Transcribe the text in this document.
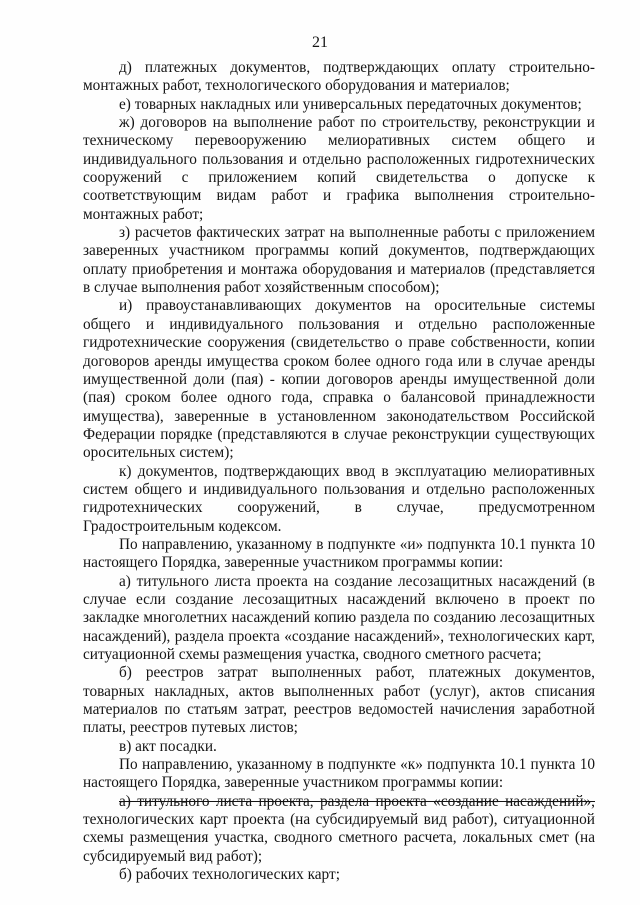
21

д) платежных документов, подтверждающих оплату строительно-монтажных работ, технологического оборудования и материалов;

е) товарных накладных или универсальных передаточных документов;

ж) договоров на выполнение работ по строительству, реконструкции и техническому перевооружению мелиоративных систем общего и индивидуального пользования и отдельно расположенных гидротехнических сооружений с приложением копий свидетельства о допуске к соответствующим видам работ и графика выполнения строительно-монтажных работ;

з) расчетов фактических затрат на выполненные работы с приложением заверенных участником программы копий документов, подтверждающих оплату приобретения и монтажа оборудования и материалов (представляется в случае выполнения работ хозяйственным способом);

и) правоустанавливающих документов на оросительные системы общего и индивидуального пользования и отдельно расположенные гидротехнические сооружения (свидетельство о праве собственности, копии договоров аренды имущества сроком более одного года или в случае аренды имущественной доли (пая) - копии договоров аренды имущественной доли (пая) сроком более одного года, справка о балансовой принадлежности имущества), заверенные в установленном законодательством Российской Федерации порядке (представляются в случае реконструкции существующих оросительных систем);

к) документов, подтверждающих ввод в эксплуатацию мелиоративных систем общего и индивидуального пользования и отдельно расположенных гидротехнических сооружений, в случае, предусмотренном Градостроительным кодексом.

По направлению, указанному в подпункте «и» подпункта 10.1 пункта 10 настоящего Порядка, заверенные участником программы копии:

а) титульного листа проекта на создание лесозащитных насаждений (в случае если создание лесозащитных насаждений включено в проект по закладке многолетних насаждений копию раздела по созданию лесозащитных насаждений), раздела проекта «создание насаждений», технологических карт, ситуационной схемы размещения участка, сводного сметного расчета;

б) реестров затрат выполненных работ, платежных документов, товарных накладных, актов выполненных работ (услуг), актов списания материалов по статьям затрат, реестров ведомостей начисления заработной платы, реестров путевых листов;

в) акт посадки.

По направлению, указанному в подпункте «к» подпункта 10.1 пункта 10 настоящего Порядка, заверенные участником программы копии:

а) титульного листа проекта, раздела проекта «создание насаждений», технологических карт проекта (на субсидируемый вид работ), ситуационной схемы размещения участка, сводного сметного расчета, локальных смет (на субсидируемый вид работ);

б) рабочих технологических карт;
